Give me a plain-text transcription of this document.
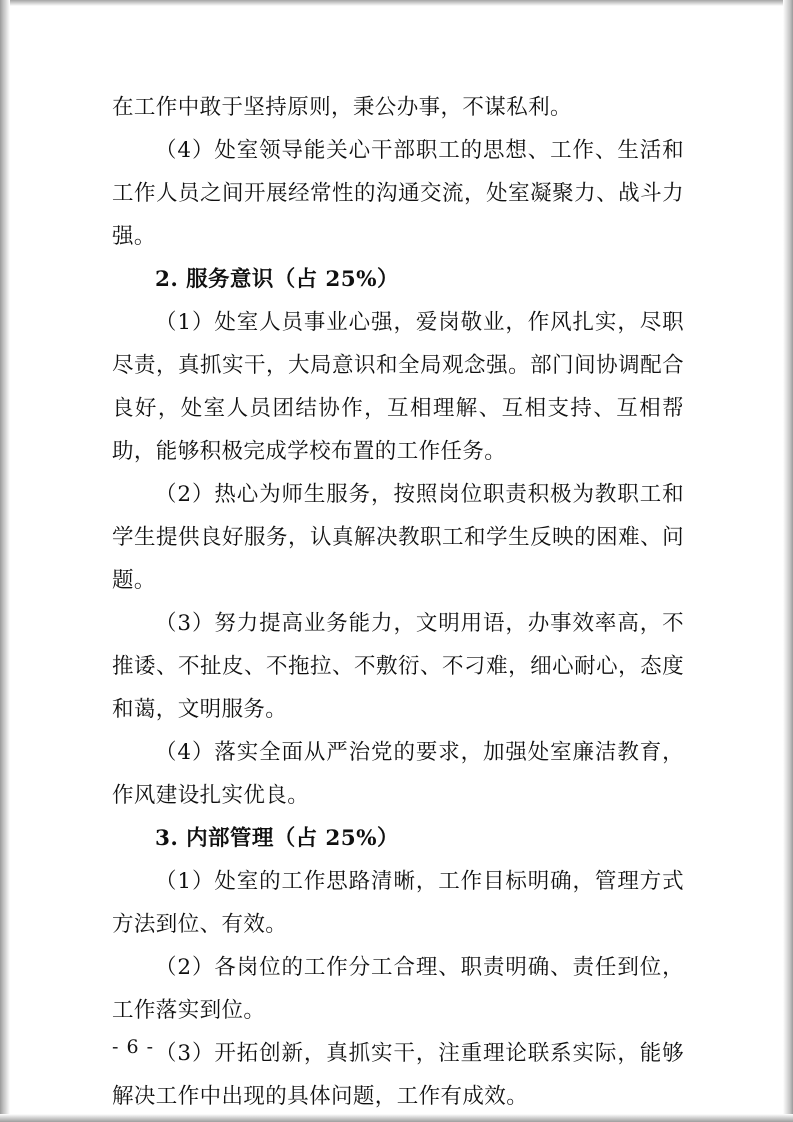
在工作中敢于坚持原则，秉公办事，不谋私利。

（4）处室领导能关心干部职工的思想、工作、生活和工作人员之间开展经常性的沟通交流，处室凝聚力、战斗力强。

2. 服务意识（占 25%）

（1）处室人员事业心强，爱岗敬业，作风扎实，尽职尽责，真抓实干，大局意识和全局观念强。部门间协调配合良好，处室人员团结协作，互相理解、互相支持、互相帮助，能够积极完成学校布置的工作任务。

（2）热心为师生服务，按照岗位职责积极为教职工和学生提供良好服务，认真解决教职工和学生反映的困难、问题。

（3）努力提高业务能力，文明用语，办事效率高，不推诿、不扯皮、不拖拉、不敷衍、不刁难，细心耐心，态度和蔼，文明服务。

（4）落实全面从严治党的要求，加强处室廉洁教育，作风建设扎实优良。

3. 内部管理（占 25%）

（1）处室的工作思路清晰，工作目标明确，管理方式方法到位、有效。

（2）各岗位的工作分工合理、职责明确、责任到位，工作落实到位。

（3）开拓创新，真抓实干，注重理论联系实际，能够解决工作中出现的具体问题，工作有成效。

- 6 -
